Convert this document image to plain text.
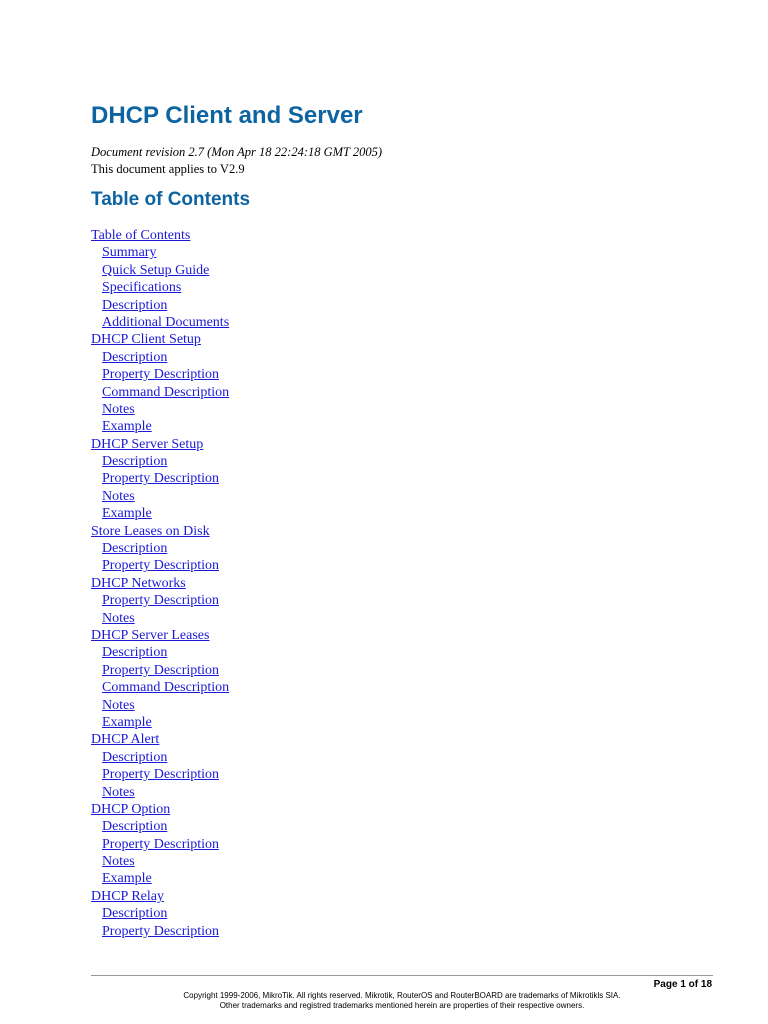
DHCP Client and Server

Document revision 2.7 (Mon Apr 18 22:24:18 GMT 2005)

This document applies to V2.9

Table of Contents
Table of Contents
Summary
Quick Setup Guide
Specifications
Description
Additional Documents
DHCP Client Setup
Description
Property Description
Command Description
Notes
Example
DHCP Server Setup
Description
Property Description
Notes
Example
Store Leases on Disk
Description
Property Description
DHCP Networks
Property Description
Notes
DHCP Server Leases
Description
Property Description
Command Description
Notes
Example
DHCP Alert
Description
Property Description
Notes
DHCP Option
Description
Property Description
Notes
Example
DHCP Relay
Description
Property Description
Page 1 of 18
Copyright 1999-2006, MikroTik. All rights reserved. Mikrotik, RouterOS and RouterBOARD are trademarks of Mikrotikls SIA.
Other trademarks and registred trademarks mentioned herein are properties of their respective owners.
